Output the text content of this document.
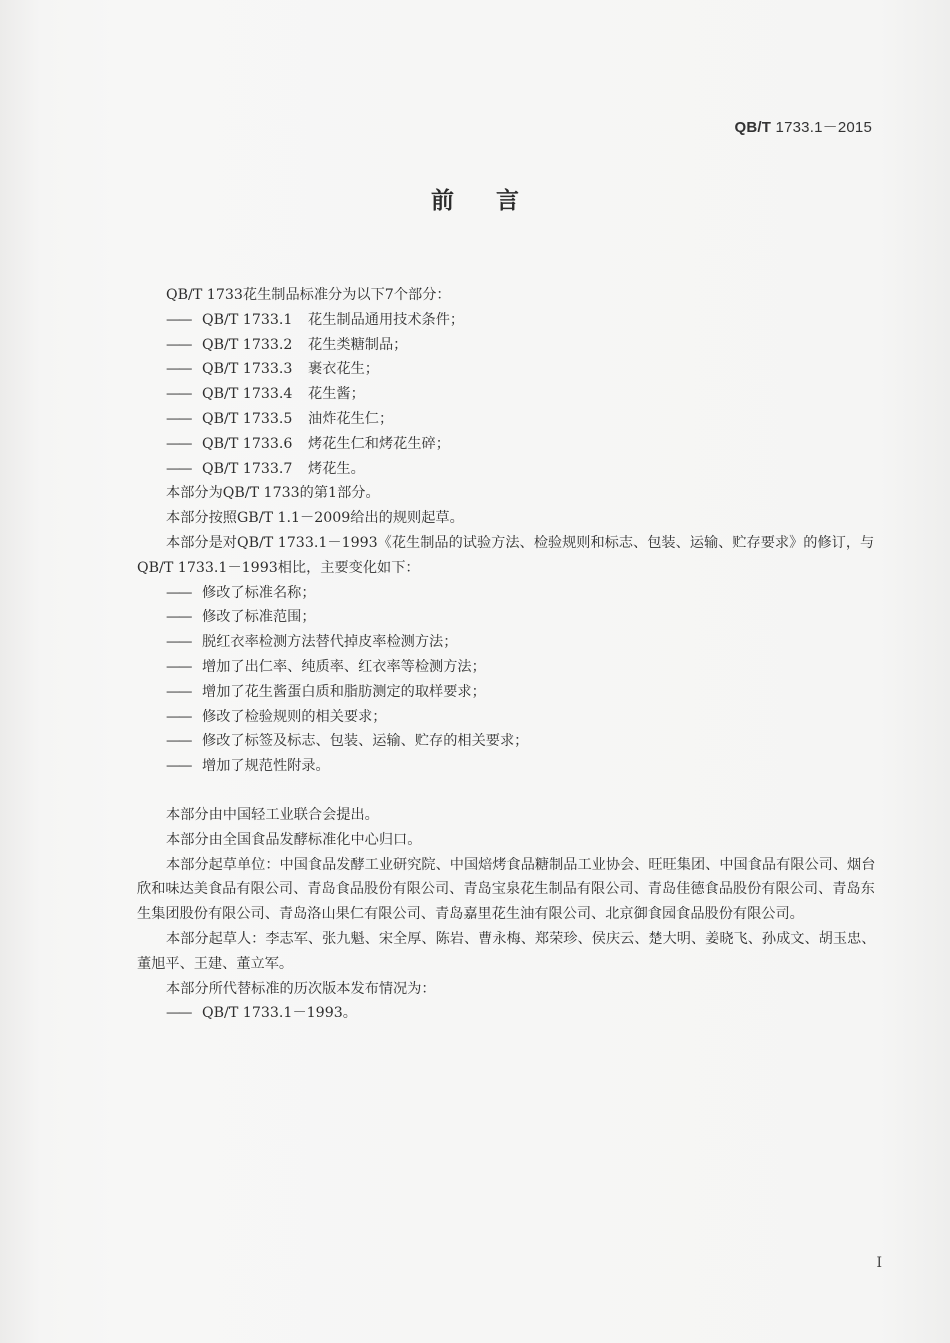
QB/T 1733.1－2015
前言

QB/T 1733花生制品标准分为以下7个部分：

—— QB/T 1733.1 花生制品通用技术条件；
—— QB/T 1733.2 花生类糖制品；
—— QB/T 1733.3 裹衣花生；
—— QB/T 1733.4 花生酱；
—— QB/T 1733.5 油炸花生仁；
—— QB/T 1733.6 烤花生仁和烤花生碎；
—— QB/T 1733.7 烤花生。

本部分为QB/T 1733的第1部分。

本部分按照GB/T 1.1－2009给出的规则起草。

本部分是对QB/T 1733.1－1993《花生制品的试验方法、检验规则和标志、包装、运输、贮存要求》的修订，与QB/T 1733.1－1993相比，主要变化如下：

—— 修改了标准名称；
—— 修改了标准范围；
—— 脱红衣率检测方法替代掉皮率检测方法；
—— 增加了出仁率、纯质率、红衣率等检测方法；
—— 增加了花生酱蛋白质和脂肪测定的取样要求；
—— 修改了检验规则的相关要求；
—— 修改了标签及标志、包装、运输、贮存的相关要求；
—— 增加了规范性附录。

本部分由中国轻工业联合会提出。

本部分由全国食品发酵标准化中心归口。

本部分起草单位：中国食品发酵工业研究院、中国焙烤食品糖制品工业协会、旺旺集团、中国食品有限公司、烟台欣和味达美食品有限公司、青岛食品股份有限公司、青岛宝泉花生制品有限公司、青岛佳德食品股份有限公司、青岛东生集团股份有限公司、青岛洛山果仁有限公司、青岛嘉里花生油有限公司、北京御食园食品股份有限公司。

本部分起草人：李志军、张九魁、宋全厚、陈岩、曹永梅、郑荣珍、侯庆云、楚大明、姜晓飞、孙成文、胡玉忠、董旭平、王建、董立军。

本部分所代替标准的历次版本发布情况为：

—— QB/T 1733.1－1993。
I
